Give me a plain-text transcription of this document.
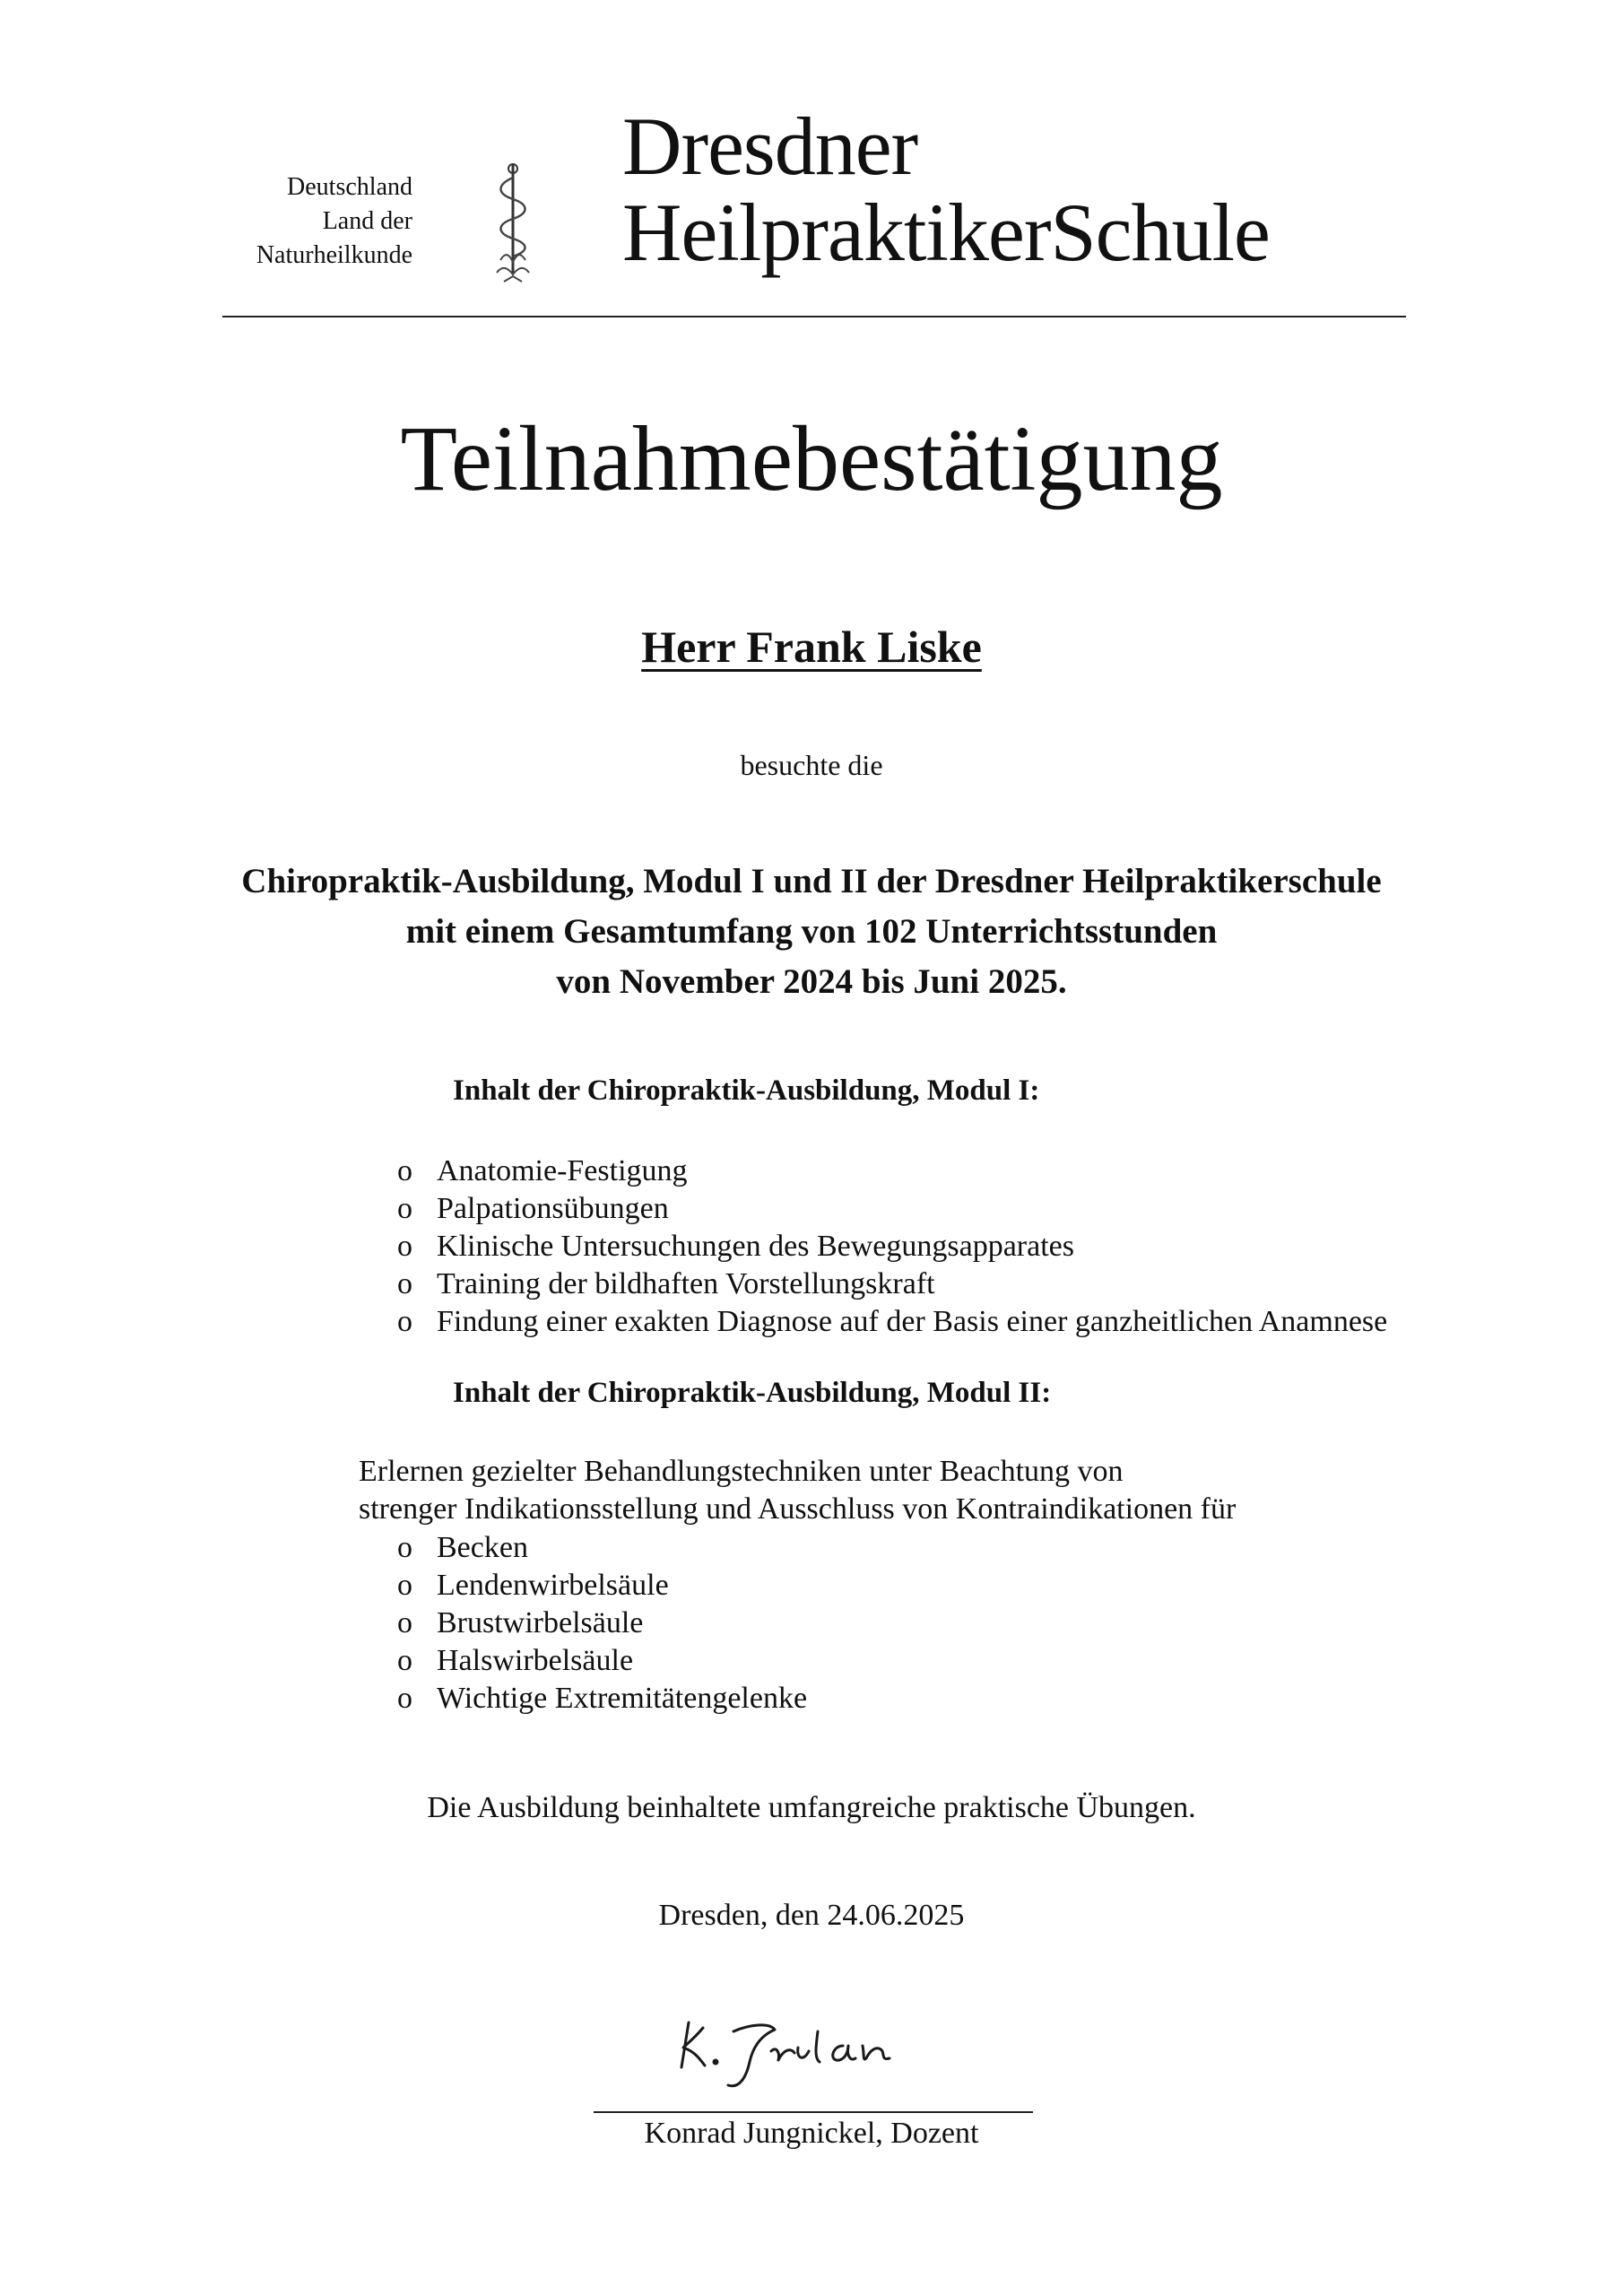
Deutschland
Land der
Naturheilkunde
Dresdner
HeilpraktikerSchule
Teilnahmebestätigung
Herr Frank Liske
besuchte die
Chiropraktik-Ausbildung, Modul I und II der Dresdner Heilpraktikerschule
mit einem Gesamtumfang von 102 Unterrichtsstunden
von November 2024 bis Juni 2025.
Inhalt der Chiropraktik-Ausbildung, Modul I:
o Anatomie-Festigung
o Palpationsübungen
o Klinische Untersuchungen des Bewegungsapparates
o Training der bildhaften Vorstellungskraft
o Findung einer exakten Diagnose auf der Basis einer ganzheitlichen Anamnese
Inhalt der Chiropraktik-Ausbildung, Modul II:
Erlernen gezielter Behandlungstechniken unter Beachtung von
strenger Indikationsstellung und Ausschluss von Kontraindikationen für
o Becken
o Lendenwirbelsäule
o Brustwirbelsäule
o Halswirbelsäule
o Wichtige Extremitätengelenke
Die Ausbildung beinhaltete umfangreiche praktische Übungen.
Dresden, den 24.06.2025
Konrad Jungnickel, Dozent
